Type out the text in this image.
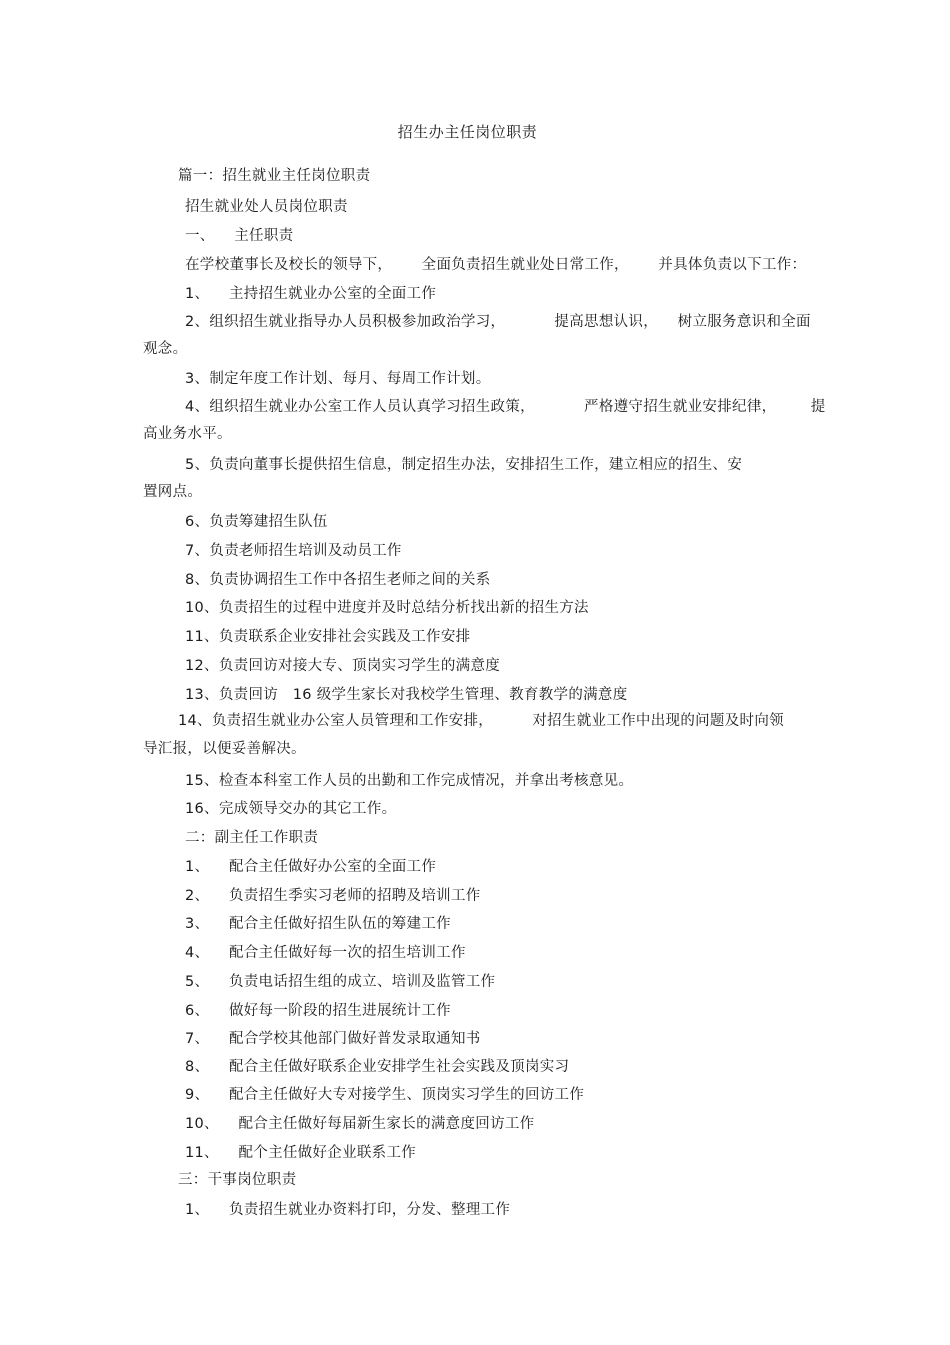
招生办主任岗位职责
篇一：招生就业主任岗位职责
招生就业处人员岗位职责
一、    主任职责
在学校董事长及校长的领导下，      全面负责招生就业处日常工作，      并具体负责以下工作：
1、    主持招生就业办公室的全面工作
2、组织招生就业指导办人员积极参加政治学习，          提高思想认识，    树立服务意识和全面
观念。
3、制定年度工作计划、每月、每周工作计划。
4、组织招生就业办公室工作人员认真学习招生政策，          严格遵守招生就业安排纪律，       提
高业务水平。
5、负责向董事长提供招生信息，制定招生办法，安排招生工作，建立相应的招生、安
置网点。
6、负责筹建招生队伍
7、负责老师招生培训及动员工作
8、负责协调招生工作中各招生老师之间的关系
10、负责招生的过程中进度并及时总结分析找出新的招生方法
11、负责联系企业安排社会实践及工作安排
12、负责回访对接大专、顶岗实习学生的满意度
13、负责回访   16 级学生家长对我校学生管理、教育教学的满意度
14、负责招生就业办公室人员管理和工作安排，        对招生就业工作中出现的问题及时向领
导汇报，以便妥善解决。
15、检查本科室工作人员的出勤和工作完成情况，并拿出考核意见。
16、完成领导交办的其它工作。
二：副主任工作职责
1、    配合主任做好办公室的全面工作
2、    负责招生季实习老师的招聘及培训工作
3、    配合主任做好招生队伍的筹建工作
4、    配合主任做好每一次的招生培训工作
5、    负责电话招生组的成立、培训及监管工作
6、    做好每一阶段的招生进展统计工作
7、    配合学校其他部门做好普发录取通知书
8、    配合主任做好联系企业安排学生社会实践及顶岗实习
9、    配合主任做好大专对接学生、顶岗实习学生的回访工作
10、    配合主任做好每届新生家长的满意度回访工作
11、    配个主任做好企业联系工作
三：干事岗位职责
1、    负责招生就业办资料打印，分发、整理工作
